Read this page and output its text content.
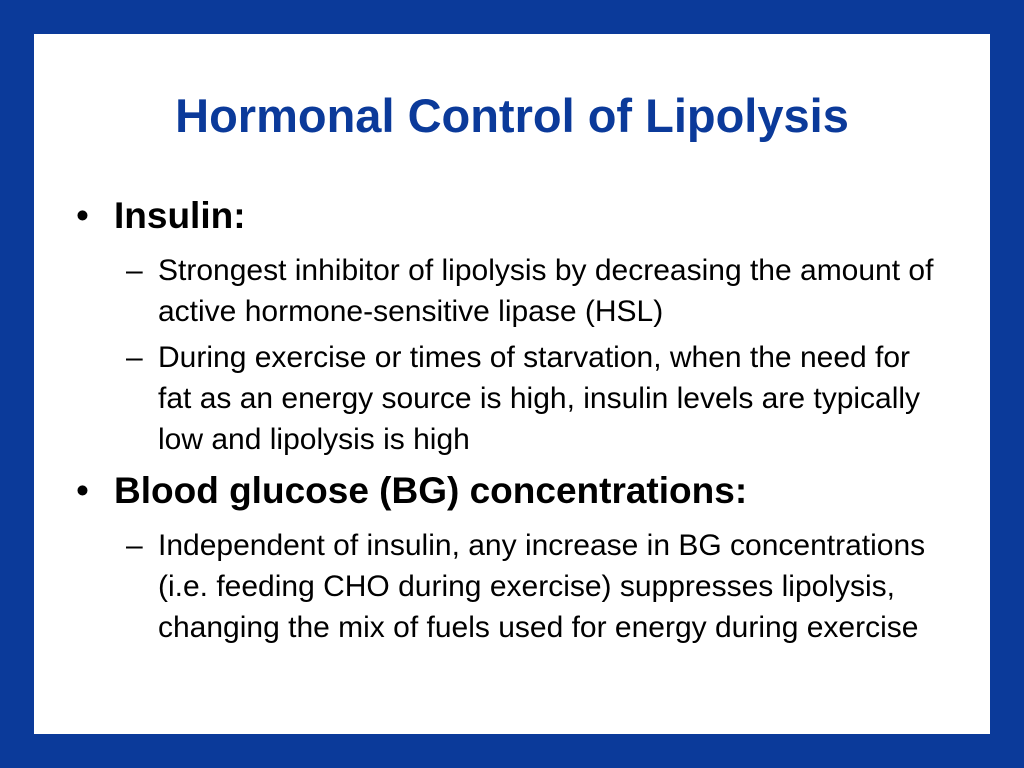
Hormonal Control of Lipolysis
• Insulin:
– Strongest inhibitor of lipolysis by decreasing the amount of active hormone-sensitive lipase (HSL)
– During exercise or times of starvation, when the need for fat as an energy source is high, insulin levels are typically low and lipolysis is high
• Blood glucose (BG) concentrations:
– Independent of insulin, any increase in BG concentrations (i.e. feeding CHO during exercise) suppresses lipolysis, changing the mix of fuels used for energy during exercise
